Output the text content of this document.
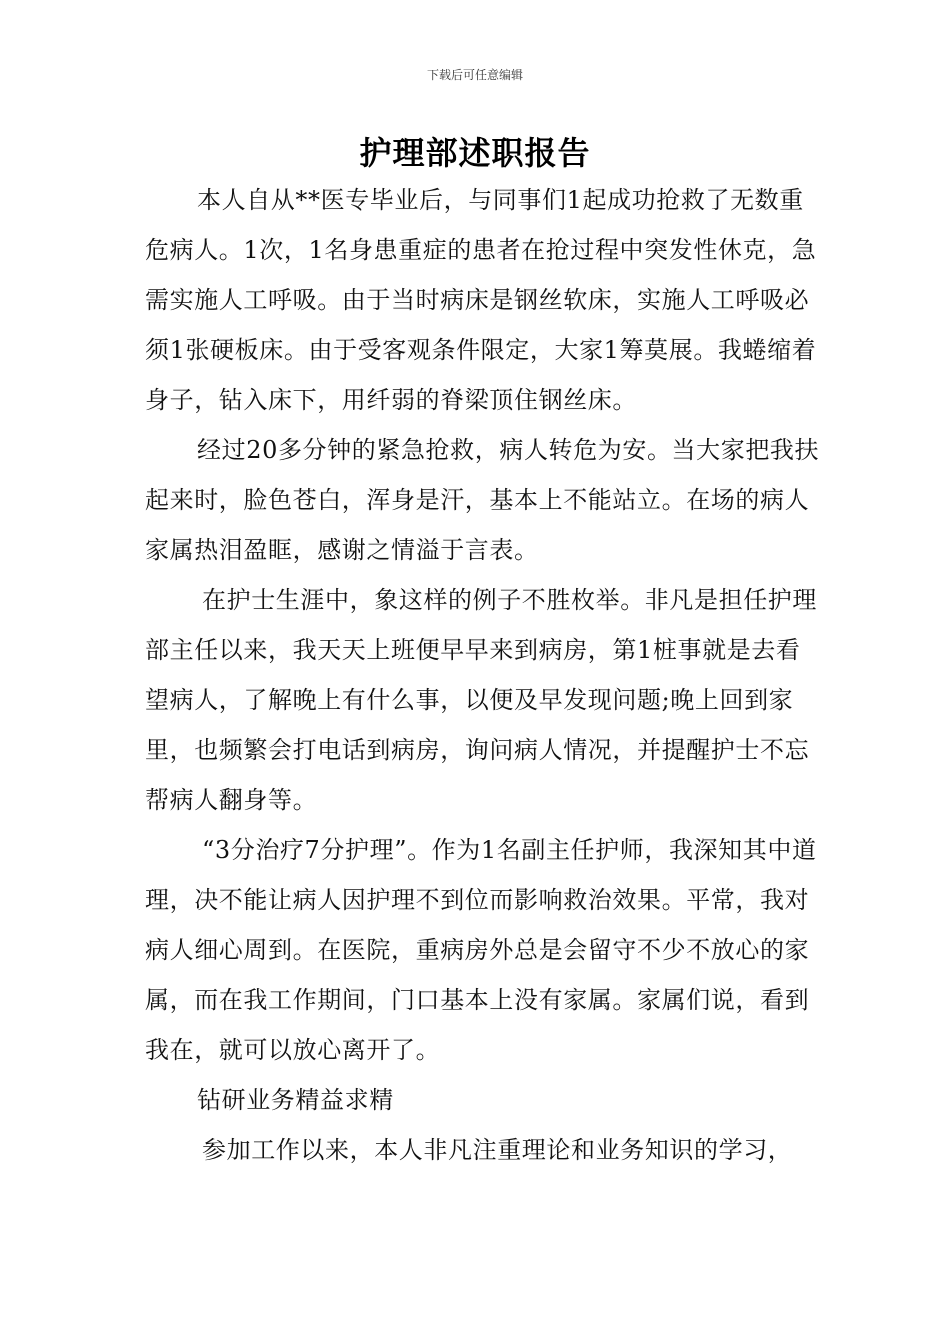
下载后可任意编辑
护理部述职报告

本人自从**医专毕业后，与同事们1起成功抢救了无数重危病人。1次，1名身患重症的患者在抢过程中突发性休克，急需实施人工呼吸。由于当时病床是钢丝软床，实施人工呼吸必须1张硬板床。由于受客观条件限定，大家1筹莫展。我蜷缩着身子，钻入床下，用纤弱的脊梁顶住钢丝床。

经过20多分钟的紧急抢救，病人转危为安。当大家把我扶起来时，脸色苍白，浑身是汗，基本上不能站立。在场的病人家属热泪盈眶，感谢之情溢于言表。

在护士生涯中，象这样的例子不胜枚举。非凡是担任护理部主任以来，我天天上班便早早来到病房，第1桩事就是去看望病人，了解晚上有什么事，以便及早发现问题;晚上回到家里，也频繁会打电话到病房，询问病人情况，并提醒护士不忘帮病人翻身等。

“3分治疗7分护理”。作为1名副主任护师，我深知其中道理，决不能让病人因护理不到位而影响救治效果。平常，我对病人细心周到。在医院，重病房外总是会留守不少不放心的家属，而在我工作期间，门口基本上没有家属。家属们说，看到我在，就可以放心离开了。

钻研业务精益求精

参加工作以来，本人非凡注重理论和业务知识的学习，
